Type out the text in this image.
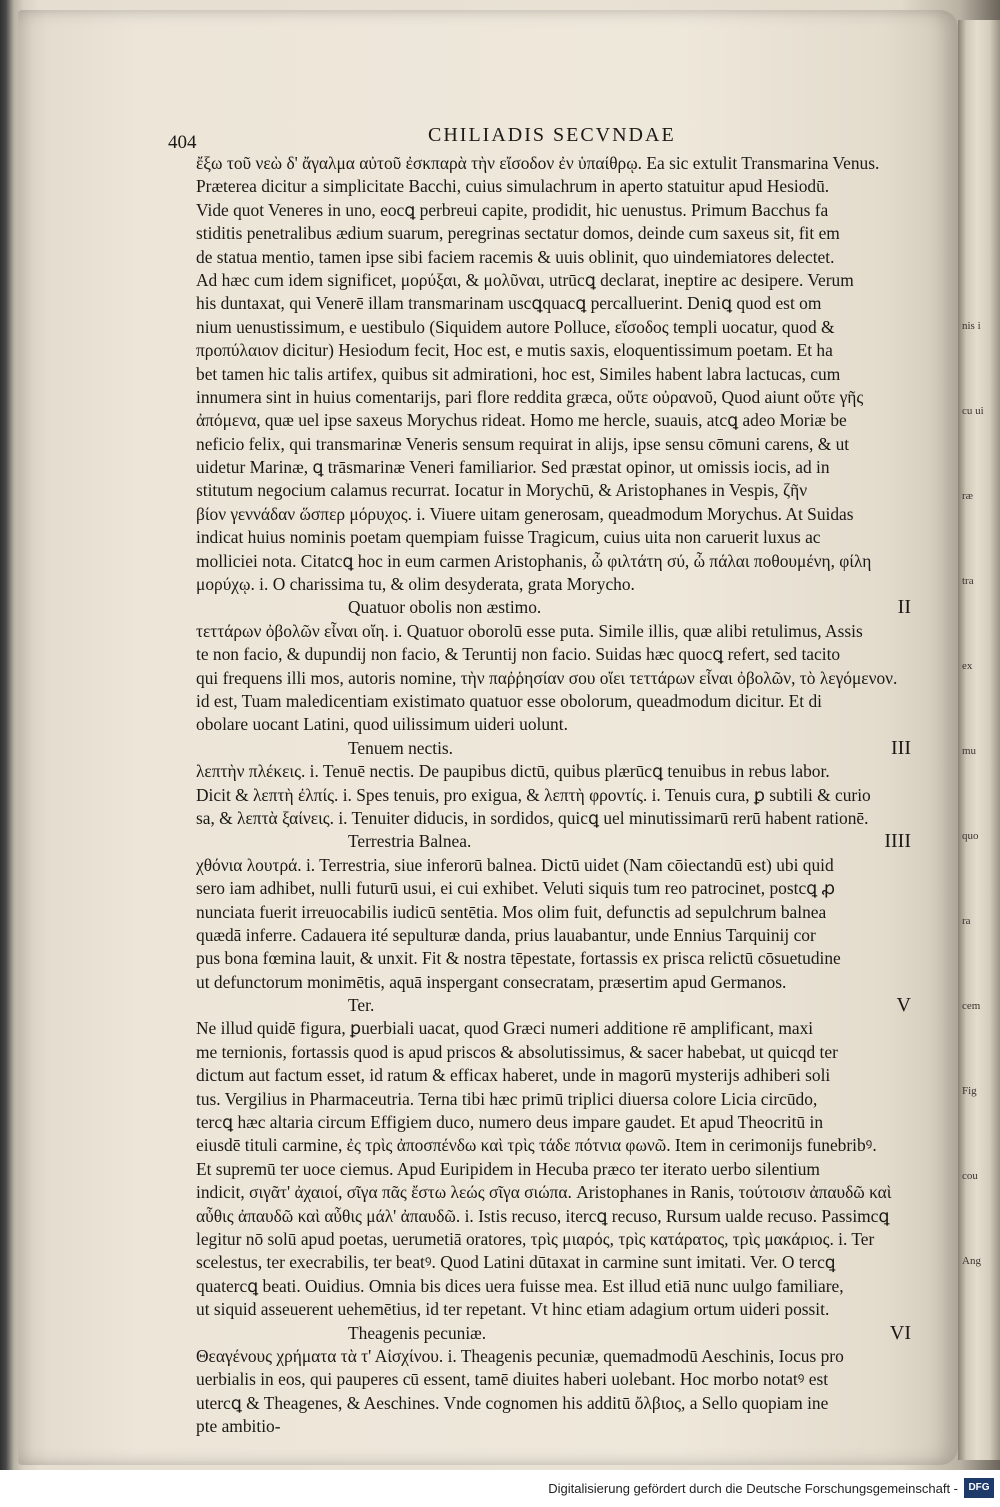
nis i
cu ui
ræ
tra
ex
mu
quo
ra
cem
Fig
cou
Ang
404	CHILIADIS SECVNDAE
ἔξω τοῦ νεὼ δ' ἄγαλμα αὐτοῦ ἐσκπαρὰ τὴν εἴσοδον ἐν ὑπαίθρῳ. Ea sic extulit Transmarina Venus.
Præterea dicitur a simplicitate Bacchi, cuius simulachrum in aperto statuitur apud Hesiodū.
Vide quot Veneres in uno, eocꝗ perbreui capite, prodidit, hic uenustus. Primum Bacchus fa
stiditis penetralibus ædium suarum, peregrinas sectatur domos, deinde cum saxeus sit, fit em
de statua mentio, tamen ipse sibi faciem racemis & uuis oblinit, quo uindemiatores delectet.
Ad hæc cum idem significet, μορύξαι, & μολῦναι, utrūcꝗ declarat, ineptire ac desipere. Verum
his duntaxat, qui Venerē illam transmarinam uscꝗquacꝗ percalluerint. Deniꝗ quod est om
nium uenustissimum, e uestibulo (Siquidem autore Polluce, εἴσοδος templi uocatur, quod &
προπύλαιον dicitur) Hesiodum fecit, Hoc est, e mutis saxis, eloquentissimum poetam. Et ha
bet tamen hic talis artifex, quibus sit admirationi, hoc est, Similes habent labra lactucas, cum
innumera sint in huius comentarijs, pari flore reddita græca, οὔτε οὐρανοῦ, Quod aiunt οὔτε γῆς
ἀπόμενα, quæ uel ipse saxeus Morychus rideat. Homo me hercle, suauis, atcꝗ adeo Moriæ be
neficio felix, qui transmarinæ Veneris sensum requirat in alijs, ipse sensu cōmuni carens, & ut
uidetur Marinæ, ꝗ trāsmarinæ Veneri familiarior. Sed præstat opinor, ut omissis iocis, ad in
stitutum negocium calamus recurrat. Iocatur in Morychū, & Aristophanes in Vespis, ζῆν
βίον γεννάδαν ὥσπερ μόρυχος. i. Viuere uitam generosam, queadmodum Morychus. At Suidas
indicat huius nominis poetam quempiam fuisse Tragicum, cuius uita non caruerit luxus ac
molliciei nota. Citatcꝗ hoc in eum carmen Aristophanis, ὦ φιλτάτη σύ, ὦ πάλαι ποθουμένη, φίλη
μορύχῳ. i. O charissima tu, & olim desyderata, grata Morycho.
Quatuor obolis non æstimo.	II
τεττάρων ὀβολῶν εἶναι οἴη. i. Quatuor oborolū esse puta. Simile illis, quæ alibi retulimus, Assis
te non facio, & dupundij non facio, & Teruntij non facio. Suidas hæc quocꝗ refert, sed tacito
qui frequens illi mos, autoris nomine, τὴν παῤῥησίαν σου οἴει τεττάρων εἶναι ὀβολῶν, τὸ λεγόμενον.
id est, Tuam maledicentiam existimato quatuor esse obolorum, queadmodum dicitur. Et di
obolare uocant Latini, quod uilissimum uideri uolunt.
Tenuem nectis.	III
λεπτὴν πλέκεις. i. Tenuē nectis. De paupibus dictū, quibus plærūcꝗ tenuibus in rebus labor.
Dicit & λεπτὴ ἐλπίς. i. Spes tenuis, pro exigua, & λεπτὴ φροντίς. i. Tenuis cura, ꝑ subtili & curio
sa, & λεπτὰ ξαίνεις. i. Tenuiter diducis, in sordidos, quicꝗ uel minutissimarū rerū habent rationē.
Terrestria Balnea.	IIII
χθόνια λουτρά. i. Terrestria, siue inferorū balnea. Dictū uidet (Nam cōiectandū est) ubi quid
sero iam adhibet, nulli futurū usui, ei cui exhibet. Veluti siquis tum reo patrocinet, postcꝗ ꝓ
nunciata fuerit irreuocabilis iudicū sentētia. Mos olim fuit, defunctis ad sepulchrum balnea
quædā inferre. Cadauera ité sepulturæ danda, prius lauabantur, unde Ennius Tarquinij cor
pus bona fœmina lauit, & unxit. Fit & nostra tēpestate, fortassis ex prisca relictū cōsuetudine
ut defunctorum monimētis, aquā inspergant consecratam, præsertim apud Germanos.
Ter.	V
Ne illud quidē figura, ꝑuerbiali uacat, quod Græci numeri additione rē amplificant, maxi
me ternionis, fortassis quod is apud priscos & absolutissimus, & sacer habebat, ut quicqd ter
dictum aut factum esset, id ratum & efficax haberet, unde in magorū mysterijs adhiberi soli
tus. Vergilius in Pharmaceutria. Terna tibi hæc primū triplici diuersa colore Licia circūdo,
tercꝗ hæc altaria circum Effigiem duco, numero deus impare gaudet. Et apud Theocritū in
eiusdē tituli carmine, ἐς τρὶς ἀποσπένδω καὶ τρὶς τάδε πότνια φωνῶ. Item in cerimonijs funebribꝰ.
Et supremū ter uoce ciemus. Apud Euripidem in Hecuba præco ter iterato uerbo silentium
indicit, σιγᾶτ' ἀχαιοί, σῖγα πᾶς ἔστω λεώς σῖγα σιώπα. Aristophanes in Ranis, τούτοισιν ἀπαυδῶ καὶ
αὖθις ἀπαυδῶ καὶ αὖθις μάλ' ἀπαυδῶ. i. Istis recuso, itercꝗ recuso, Rursum ualde recuso. Passimcꝗ
legitur nō solū apud poetas, uerumetiā oratores, τρὶς μιαρός, τρὶς κατάρατος, τρὶς μακάριος. i. Ter
scelestus, ter execrabilis, ter beatꝰ. Quod Latini dūtaxat in carmine sunt imitati. Ver. O tercꝗ
quatercꝗ beati. Ouidius. Omnia bis dices uera fuisse mea. Est illud etiā nunc uulgo familiare,
ut siquid asseuerent uehemētius, id ter repetant. Vt hinc etiam adagium ortum uideri possit.
Theagenis pecuniæ.	VI
Θεαγένους χρήματα τὰ τ' Αἰσχίνου. i. Theagenis pecuniæ, quemadmodū Aeschinis, Iocus pro
uerbialis in eos, qui pauperes cū essent, tamē diuites haberi uolebant. Hoc morbo notatꝰ est
utercꝗ & Theagenes, & Aeschines. Vnde cognomen his additū ὄλβιος, a Sello quopiam ine
pte ambitio-
Digitalisierung gefördert durch die Deutsche Forschungsgemeinschaft -	DFG
